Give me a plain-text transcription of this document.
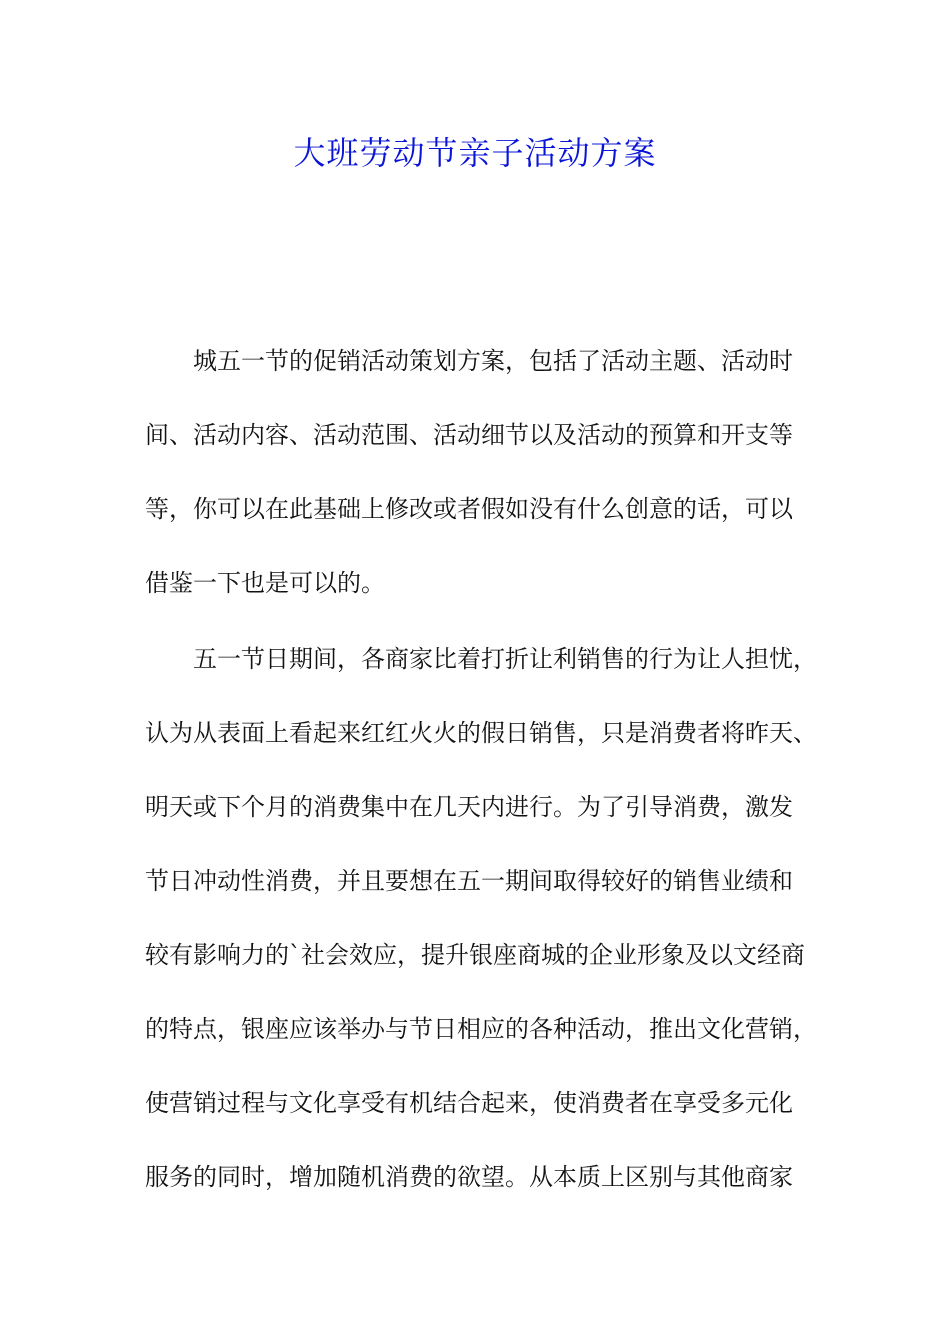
大班劳动节亲子活动方案

城五一节的促销活动策划方案，包括了活动主题、活动时
间、活动内容、活动范围、活动细节以及活动的预算和开支等
等，你可以在此基础上修改或者假如没有什么创意的话，可以
借鉴一下也是可以的。

五一节日期间，各商家比着打折让利销售的行为让人担忧，
认为从表面上看起来红红火火的假日销售，只是消费者将昨天、
明天或下个月的消费集中在几天内进行。为了引导消费，激发
节日冲动性消费，并且要想在五一期间取得较好的销售业绩和
较有影响力的`社会效应，提升银座商城的企业形象及以文经商
的特点，银座应该举办与节日相应的各种活动，推出文化营销，
使营销过程与文化享受有机结合起来，使消费者在享受多元化
服务的同时，增加随机消费的欲望。从本质上区别与其他商家
